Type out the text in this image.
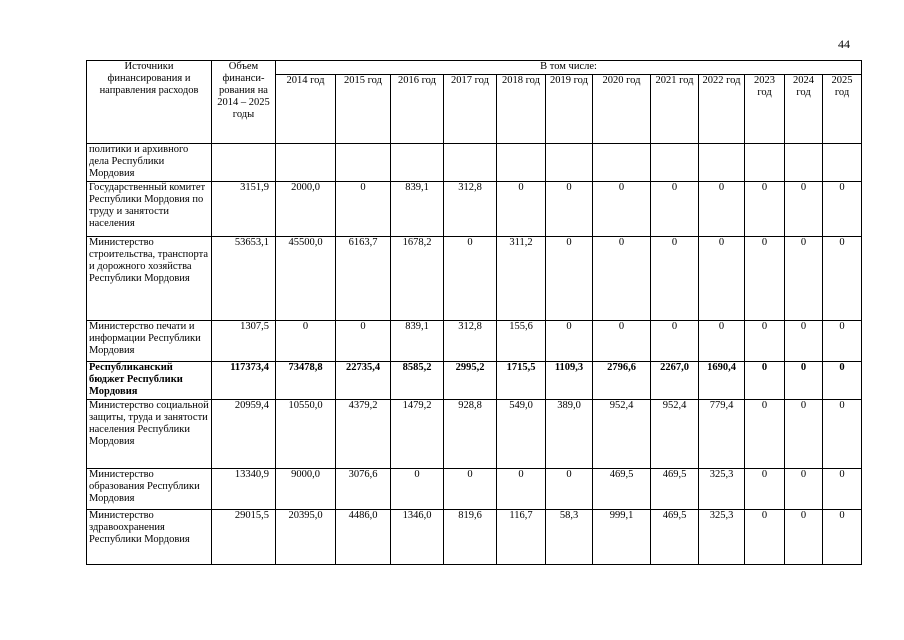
44
Источники финансирования и направления расходов	Объем финанси-рования на 2014 – 2025 годы	В том числе:											
		2014 год	2015 год	2016 год	2017 год	2018 год	2019 год	2020 год	2021 год	2022 год	2023 год	2024 год	2025 год
политики и архивного дела Республики Мордовия													
Государственный комитет Республики Мордовия по труду и занятости населения	3151,9	2000,0	0	839,1	312,8	0	0	0	0	0	0	0	0
Министерство строительства, транспорта и дорожного хозяйства Республики Мордовия	53653,1	45500,0	6163,7	1678,2	0	311,2	0	0	0	0	0	0	0
Министерство печати и информации Республики Мордовия	1307,5	0	0	839,1	312,8	155,6	0	0	0	0	0	0	0
Республиканский бюджет Республики Мордовия	117373,4	73478,8	22735,4	8585,2	2995,2	1715,5	1109,3	2796,6	2267,0	1690,4	0	0	0
Министерство социальной защиты, труда и занятости населения Республики Мордовия	20959,4	10550,0	4379,2	1479,2	928,8	549,0	389,0	952,4	952,4	779,4	0	0	0
Министерство образования Республики Мордовия	13340,9	9000,0	3076,6	0	0	0	0	469,5	469,5	325,3	0	0	0
Министерство здравоохранения Республики Мордовия	29015,5	20395,0	4486,0	1346,0	819,6	116,7	58,3	999,1	469,5	325,3	0	0	0
